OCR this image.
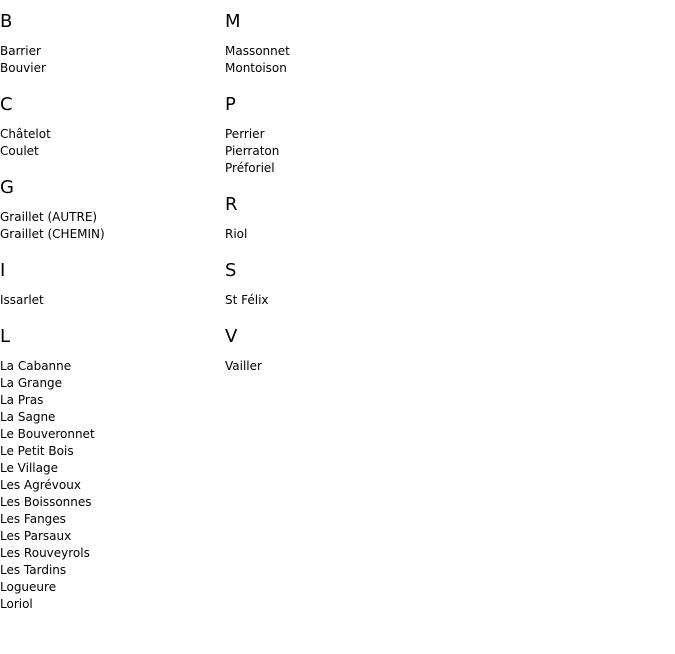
B
Barrier
Bouvier
C
Châtelot
Coulet
G
Graillet (AUTRE)
Graillet (CHEMIN)
I
Issarlet
L
La Cabanne
La Grange
La Pras
La Sagne
Le Bouveronnet
Le Petit Bois
Le Village
Les Agrévoux
Les Boissonnes
Les Fanges
Les Parsaux
Les Rouveyrols
Les Tardins
Logueure
Loriol
M
Massonnet
Montoison
P
Perrier
Pierraton
Préforiel
R
Riol
S
St Félix
V
Vailler
